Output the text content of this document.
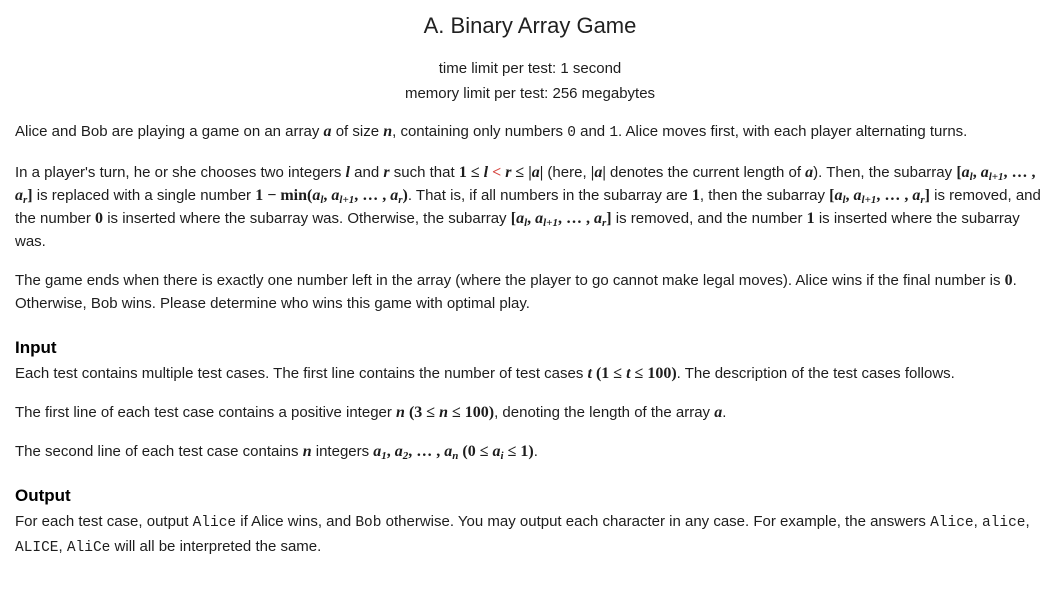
A. Binary Array Game
time limit per test: 1 second
memory limit per test: 256 megabytes

Alice and Bob are playing a game on an array a of size n, containing only numbers 0 and 1. Alice moves first, with each player alternating turns.

In a player's turn, he or she chooses two integers l and r such that 1 ≤ l < r ≤ |a| (here, |a| denotes the current length of a). Then, the subarray [$a_l$, $a_{l+1}$, … , $a_r$] is replaced with a single number $1 - \min(a_l$, $a_{l+1}$, … , $a_r$). That is, if all numbers in the subarray are 1, then the subarray [$a_l$, $a_{l+1}$, … , $a_r$] is removed, and the number 0 is inserted where the subarray was. Otherwise, the subarray [$a_l$, $a_{l+1}$, … , $a_r$] is removed, and the number 1 is inserted where the subarray was.

The game ends when there is exactly one number left in the array (where the player to go cannot make legal moves). Alice wins if the final number is 0. Otherwise, Bob wins. Please determine who wins this game with optimal play.

Input

Each test contains multiple test cases. The first line contains the number of test cases t (1 ≤ t ≤ 100). The description of the test cases follows.

The first line of each test case contains a positive integer n (3 ≤ n ≤ 100), denoting the length of the array a.

The second line of each test case contains n integers $a_1$, $a_2$, … , $a_n$ $(0 \le a_i \le 1)$.

Output

For each test case, output Alice if Alice wins, and Bob otherwise. You may output each character in any case. For example, the answers Alice, alice, ALICE, AliCe will all be interpreted the same.
